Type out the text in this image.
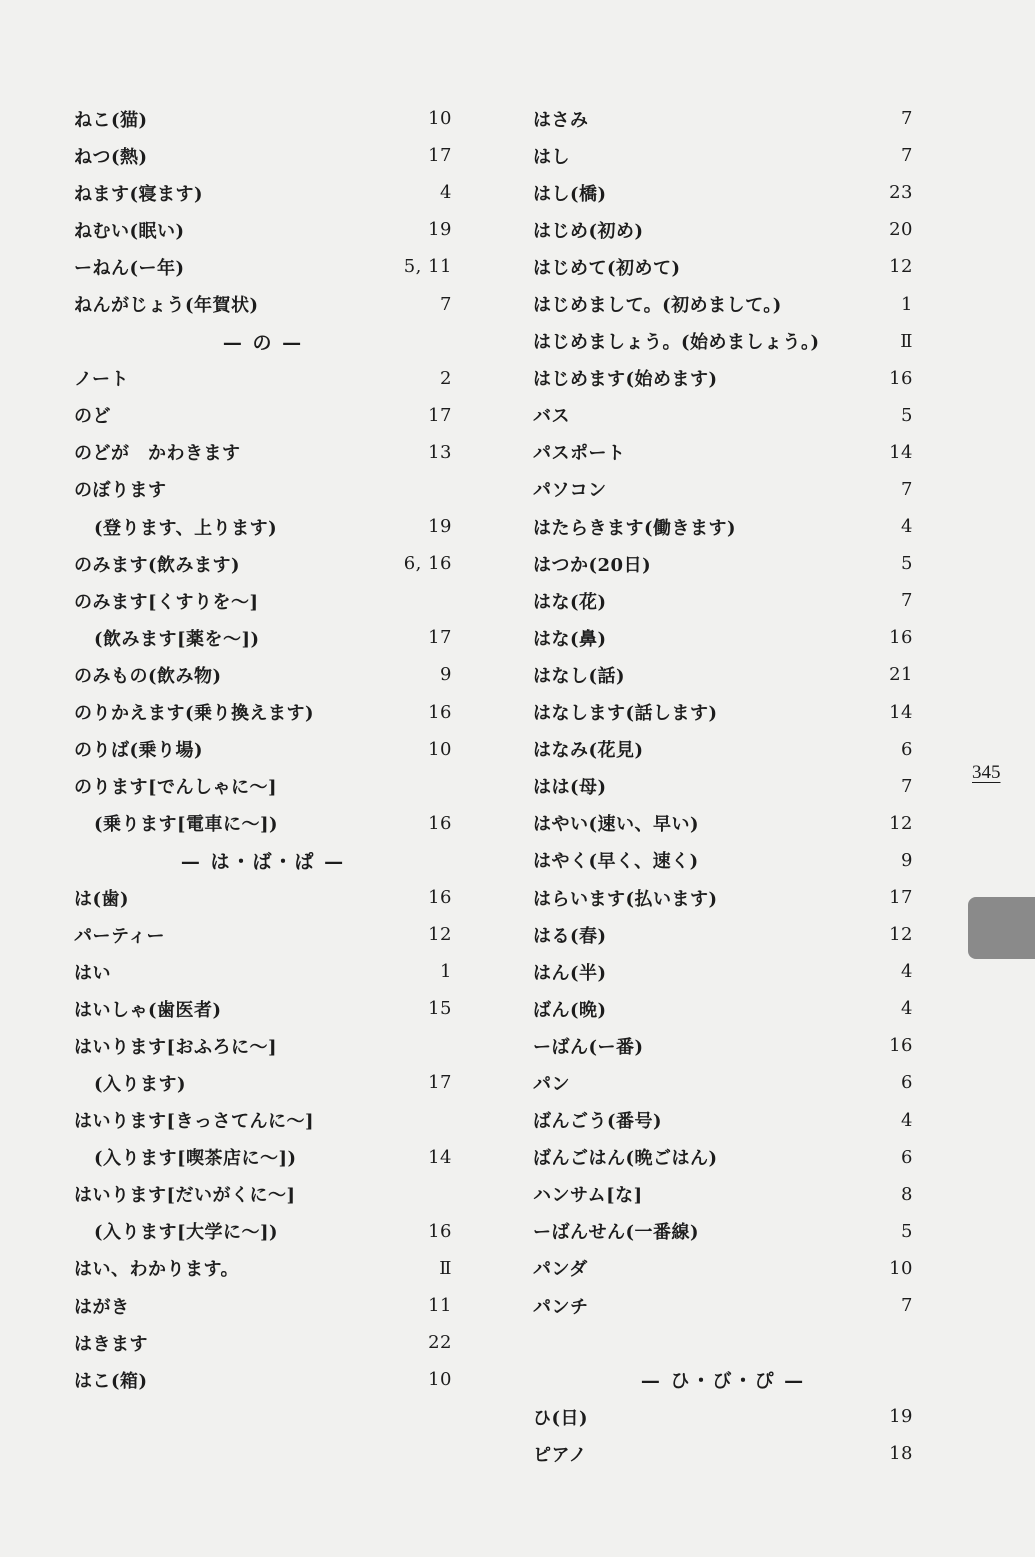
ねこ(猫)	10
ねつ(熱)	17
ねます(寝ます)	4
ねむい(眠い)	19
ーねん(ー年)	5, 11
ねんがじょう(年賀状)	7
— の —
ノート	2
のど	17
のどが　かわきます	13
のぼります
(登ります、上ります)	19
のみます(飲みます)	6, 16
のみます[くすりを〜]
(飲みます[薬を〜])	17
のみもの(飲み物)	9
のりかえます(乗り換えます)	16
のりば(乗り場)	10
のります[でんしゃに〜]
(乗ります[電車に〜])	16
— は・ば・ぱ —
は(歯)	16
パーティー	12
はい	1
はいしゃ(歯医者)	15
はいります[おふろに〜]
(入ります)	17
はいります[きっさてんに〜]
(入ります[喫茶店に〜])	14
はいります[だいがくに〜]
(入ります[大学に〜])	16
はい、わかります。	Ⅱ
はがき	11
はきます	22
はこ(箱)	10
はさみ	7
はし	7
はし(橋)	23
はじめ(初め)	20
はじめて(初めて)	12
はじめまして。(初めまして。)	1
はじめましょう。(始めましょう。)	Ⅱ
はじめます(始めます)	16
バス	5
パスポート	14
パソコン	7
はたらきます(働きます)	4
はつか(20日)	5
はな(花)	7
はな(鼻)	16
はなし(話)	21
はなします(話します)	14
はなみ(花見)	6
はは(母)	7
はやい(速い、早い)	12
はやく(早く、速く)	9
はらいます(払います)	17
はる(春)	12
はん(半)	4
ばん(晩)	4
ーばん(ー番)	16
パン	6
ばんごう(番号)	4
ばんごはん(晩ごはん)	6
ハンサム[な]	8
ーばんせん(一番線)	5
パンダ	10
パンチ	7
— ひ・び・ぴ —
ひ(日)	19
ピアノ	18
345
